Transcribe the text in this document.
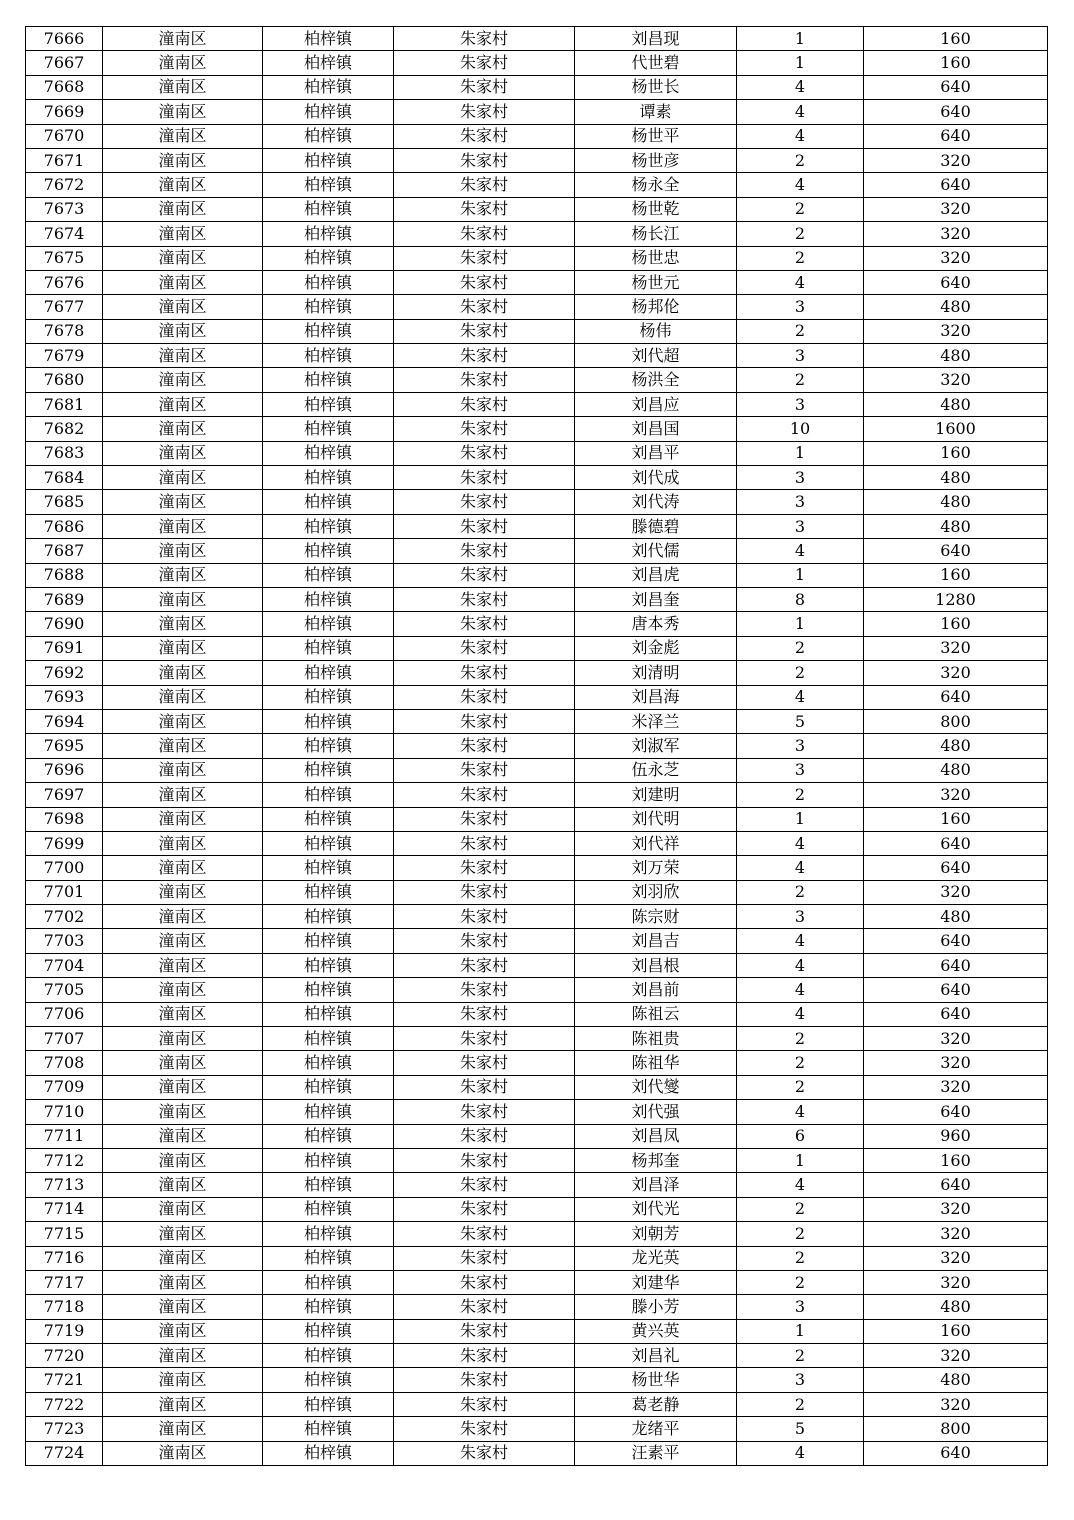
7666	潼南区	柏梓镇	朱家村	刘昌现	1	160
7667	潼南区	柏梓镇	朱家村	代世碧	1	160
7668	潼南区	柏梓镇	朱家村	杨世长	4	640
7669	潼南区	柏梓镇	朱家村	谭素	4	640
7670	潼南区	柏梓镇	朱家村	杨世平	4	640
7671	潼南区	柏梓镇	朱家村	杨世彦	2	320
7672	潼南区	柏梓镇	朱家村	杨永全	4	640
7673	潼南区	柏梓镇	朱家村	杨世乾	2	320
7674	潼南区	柏梓镇	朱家村	杨长江	2	320
7675	潼南区	柏梓镇	朱家村	杨世忠	2	320
7676	潼南区	柏梓镇	朱家村	杨世元	4	640
7677	潼南区	柏梓镇	朱家村	杨邦伦	3	480
7678	潼南区	柏梓镇	朱家村	杨伟	2	320
7679	潼南区	柏梓镇	朱家村	刘代超	3	480
7680	潼南区	柏梓镇	朱家村	杨洪全	2	320
7681	潼南区	柏梓镇	朱家村	刘昌应	3	480
7682	潼南区	柏梓镇	朱家村	刘昌国	10	1600
7683	潼南区	柏梓镇	朱家村	刘昌平	1	160
7684	潼南区	柏梓镇	朱家村	刘代成	3	480
7685	潼南区	柏梓镇	朱家村	刘代涛	3	480
7686	潼南区	柏梓镇	朱家村	滕德碧	3	480
7687	潼南区	柏梓镇	朱家村	刘代儒	4	640
7688	潼南区	柏梓镇	朱家村	刘昌虎	1	160
7689	潼南区	柏梓镇	朱家村	刘昌奎	8	1280
7690	潼南区	柏梓镇	朱家村	唐本秀	1	160
7691	潼南区	柏梓镇	朱家村	刘金彪	2	320
7692	潼南区	柏梓镇	朱家村	刘清明	2	320
7693	潼南区	柏梓镇	朱家村	刘昌海	4	640
7694	潼南区	柏梓镇	朱家村	米泽兰	5	800
7695	潼南区	柏梓镇	朱家村	刘淑军	3	480
7696	潼南区	柏梓镇	朱家村	伍永芝	3	480
7697	潼南区	柏梓镇	朱家村	刘建明	2	320
7698	潼南区	柏梓镇	朱家村	刘代明	1	160
7699	潼南区	柏梓镇	朱家村	刘代祥	4	640
7700	潼南区	柏梓镇	朱家村	刘万荣	4	640
7701	潼南区	柏梓镇	朱家村	刘羽欣	2	320
7702	潼南区	柏梓镇	朱家村	陈宗财	3	480
7703	潼南区	柏梓镇	朱家村	刘昌吉	4	640
7704	潼南区	柏梓镇	朱家村	刘昌根	4	640
7705	潼南区	柏梓镇	朱家村	刘昌前	4	640
7706	潼南区	柏梓镇	朱家村	陈祖云	4	640
7707	潼南区	柏梓镇	朱家村	陈祖贵	2	320
7708	潼南区	柏梓镇	朱家村	陈祖华	2	320
7709	潼南区	柏梓镇	朱家村	刘代燮	2	320
7710	潼南区	柏梓镇	朱家村	刘代强	4	640
7711	潼南区	柏梓镇	朱家村	刘昌凤	6	960
7712	潼南区	柏梓镇	朱家村	杨邦奎	1	160
7713	潼南区	柏梓镇	朱家村	刘昌泽	4	640
7714	潼南区	柏梓镇	朱家村	刘代光	2	320
7715	潼南区	柏梓镇	朱家村	刘朝芳	2	320
7716	潼南区	柏梓镇	朱家村	龙光英	2	320
7717	潼南区	柏梓镇	朱家村	刘建华	2	320
7718	潼南区	柏梓镇	朱家村	滕小芳	3	480
7719	潼南区	柏梓镇	朱家村	黄兴英	1	160
7720	潼南区	柏梓镇	朱家村	刘昌礼	2	320
7721	潼南区	柏梓镇	朱家村	杨世华	3	480
7722	潼南区	柏梓镇	朱家村	葛老静	2	320
7723	潼南区	柏梓镇	朱家村	龙绪平	5	800
7724	潼南区	柏梓镇	朱家村	汪素平	4	640
